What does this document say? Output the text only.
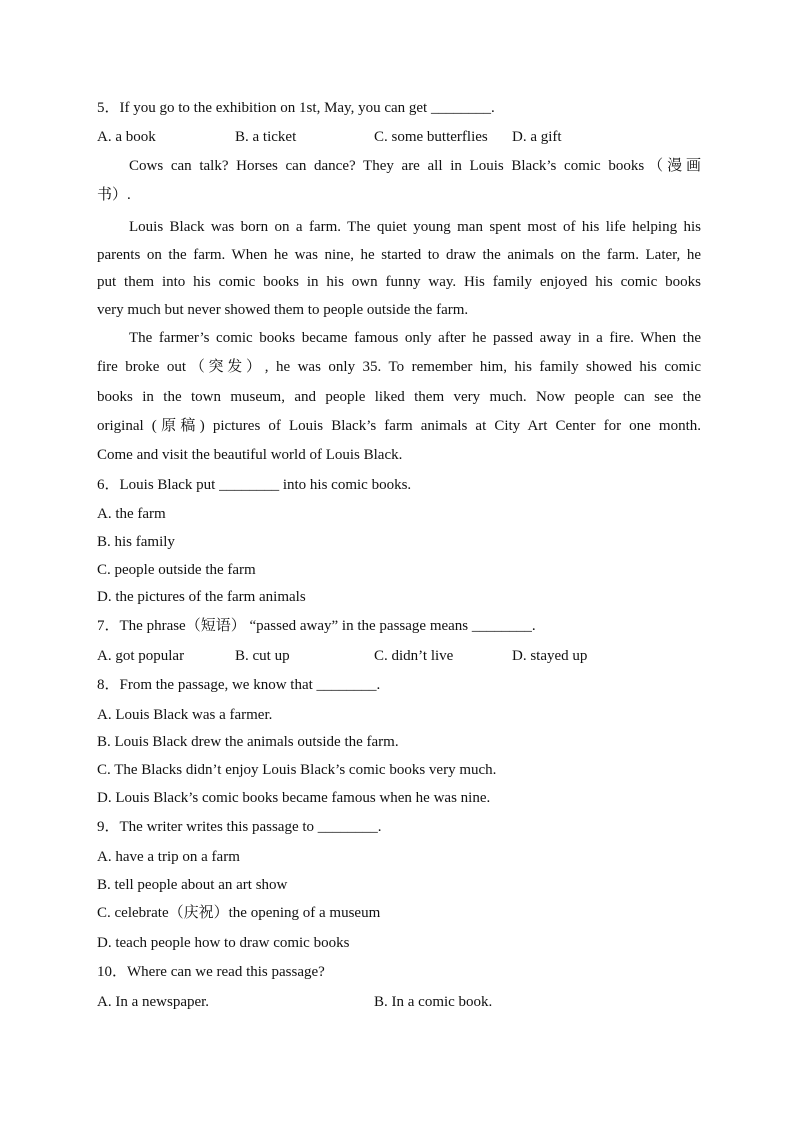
5．If you go to the exhibition on 1st, May, you can get ________.
A. a book	B. a ticket	C. some butterflies D. a gift
Cows can talk? Horses can dance? They are all in Louis Black’s comic books（漫画
书）.
Louis Black was born on a farm. The quiet young man spent most of his life helping his
parents on the farm. When he was nine, he started to draw the animals on the farm. Later, he
put them into his comic books in his own funny way. His family enjoyed his comic books
very much but never showed them to people outside the farm.
The farmer’s comic books became famous only after he passed away in a fire. When the
fire broke out（突发）, he was only 35. To remember him, his family showed his comic
books in the town museum, and people liked them very much. Now people can see the
original (原稿) pictures of Louis Black’s farm animals at City Art Center for one month.
Come and visit the beautiful world of Louis Black.
6．Louis Black put ________ into his comic books.
A. the farm
B. his family
C. people outside the farm
D. the pictures of the farm animals
7．The phrase（短语） “passed away” in the passage means ________.
A. got popular	B. cut up	C. didn’t live	D. stayed up
8．From the passage, we know that ________.
A. Louis Black was a farmer.
B. Louis Black drew the animals outside the farm.
C. The Blacks didn’t enjoy Louis Black’s comic books very much.
D. Louis Black’s comic books became famous when he was nine.
9．The writer writes this passage to ________.
A. have a trip on a farm
B. tell people about an art show
C. celebrate（庆祝）the opening of a museum
D. teach people how to draw comic books
10．Where can we read this passage?
A. In a newspaper.	B. In a comic book.
